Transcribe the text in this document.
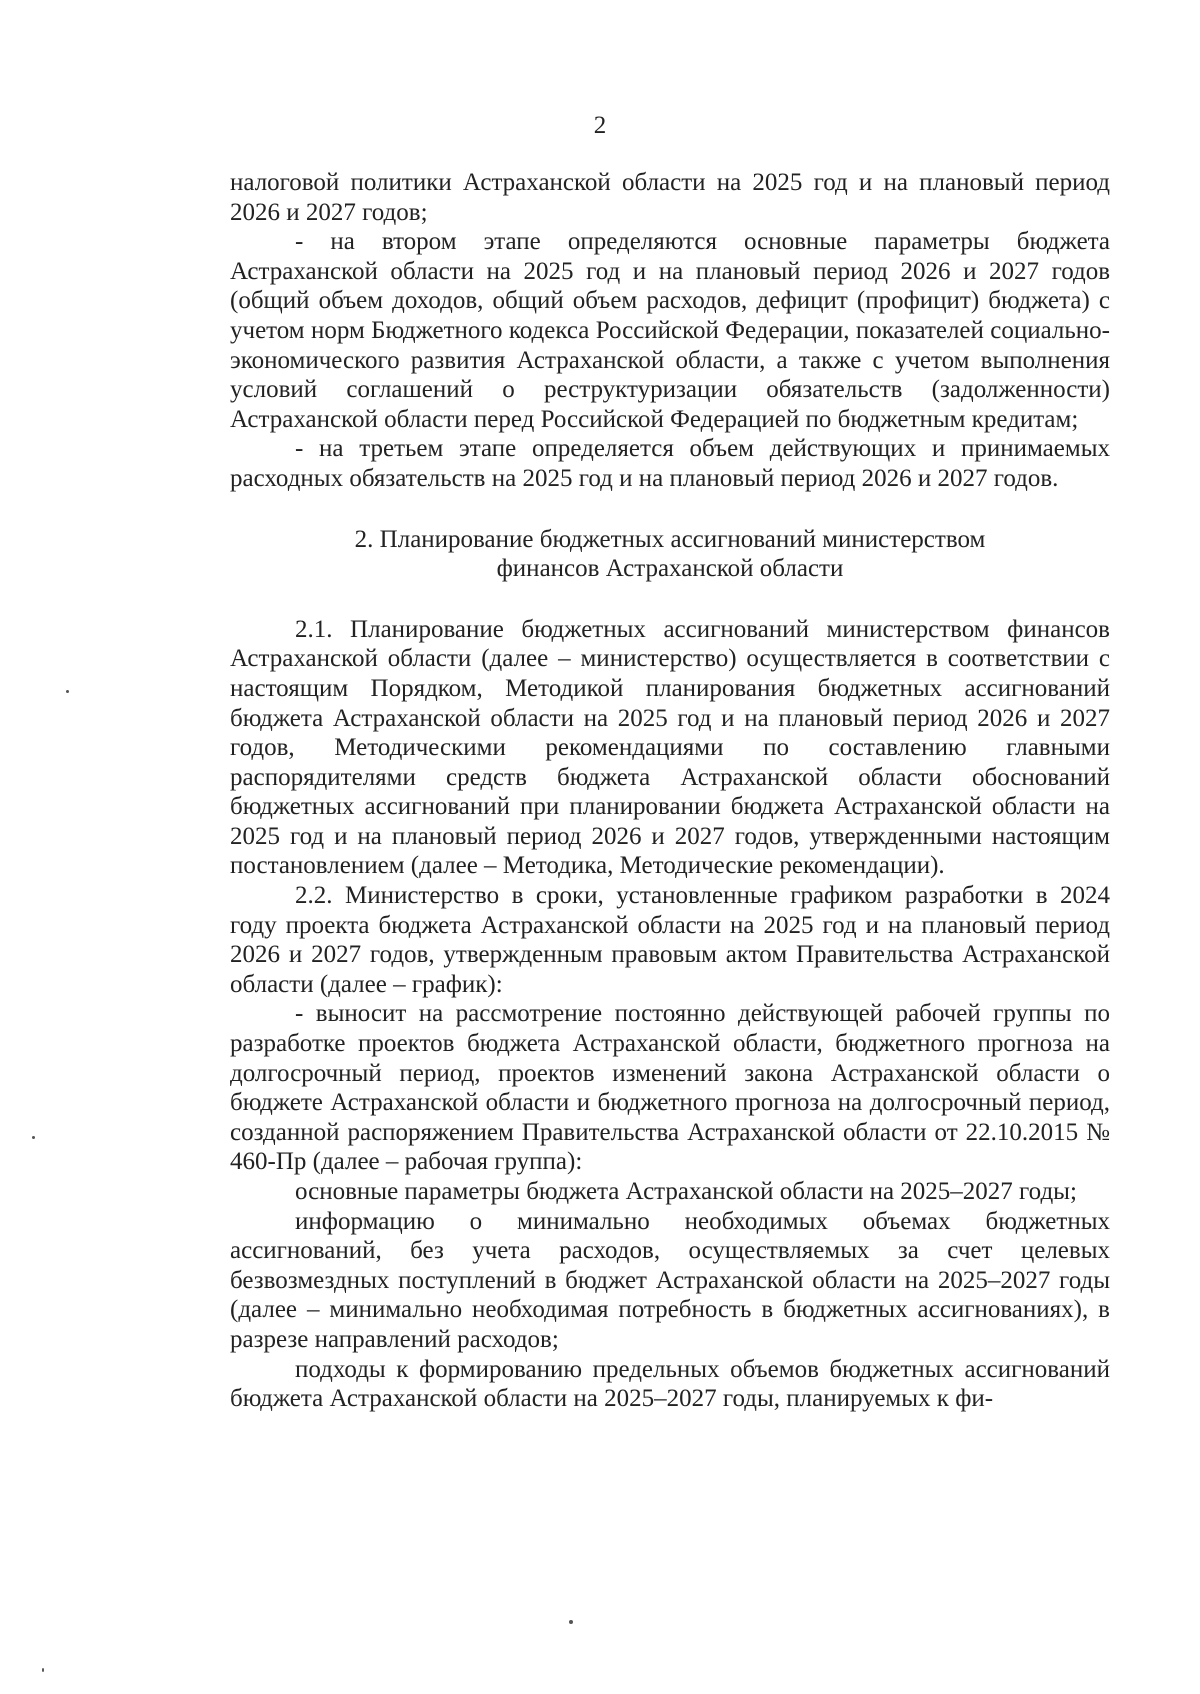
2

налоговой политики Астраханской области на 2025 год и на плановый период 2026 и 2027 годов;

- на втором этапе определяются основные параметры бюджета Астраханской области на 2025 год и на плановый период 2026 и 2027 годов (общий объем доходов, общий объем расходов, дефицит (профицит) бюджета) с учетом норм Бюджетного кодекса Российской Федерации, показателей социально-экономического развития Астраханской области, а также с учетом выполнения условий соглашений о реструктуризации обязательств (задолженности) Астраханской области перед Российской Федерацией по бюджетным кредитам;

- на третьем этапе определяется объем действующих и принимаемых расходных обязательств на 2025 год и на плановый период 2026 и 2027 годов.

2. Планирование бюджетных ассигнований министерством
финансов Астраханской области

2.1. Планирование бюджетных ассигнований министерством финансов Астраханской области (далее – министерство) осуществляется в соответствии с настоящим Порядком, Методикой планирования бюджетных ассигнований бюджета Астраханской области на 2025 год и на плановый период 2026 и 2027 годов, Методическими рекомендациями по составлению главными распорядителями средств бюджета Астраханской области обоснований бюджетных ассигнований при планировании бюджета Астраханской области на 2025 год и на плановый период 2026 и 2027 годов, утвержденными настоящим постановлением (далее – Методика, Методические рекомендации).

2.2. Министерство в сроки, установленные графиком разработки в 2024 году проекта бюджета Астраханской области на 2025 год и на плановый период 2026 и 2027 годов, утвержденным правовым актом Правительства Астраханской области (далее – график):

- выносит на рассмотрение постоянно действующей рабочей группы по разработке проектов бюджета Астраханской области, бюджетного прогноза на долгосрочный период, проектов изменений закона Астраханской области о бюджете Астраханской области и бюджетного прогноза на долгосрочный период, созданной распоряжением Правительства Астраханской области от 22.10.2015 № 460-Пр (далее – рабочая группа):

основные параметры бюджета Астраханской области на 2025–2027 годы;

информацию о минимально необходимых объемах бюджетных ассигнований, без учета расходов, осуществляемых за счет целевых безвозмездных поступлений в бюджет Астраханской области на 2025–2027 годы (далее – минимально необходимая потребность в бюджетных ассигнованиях), в разрезе направлений расходов;

подходы к формированию предельных объемов бюджетных ассигнований бюджета Астраханской области на 2025–2027 годы, планируемых к фи-
